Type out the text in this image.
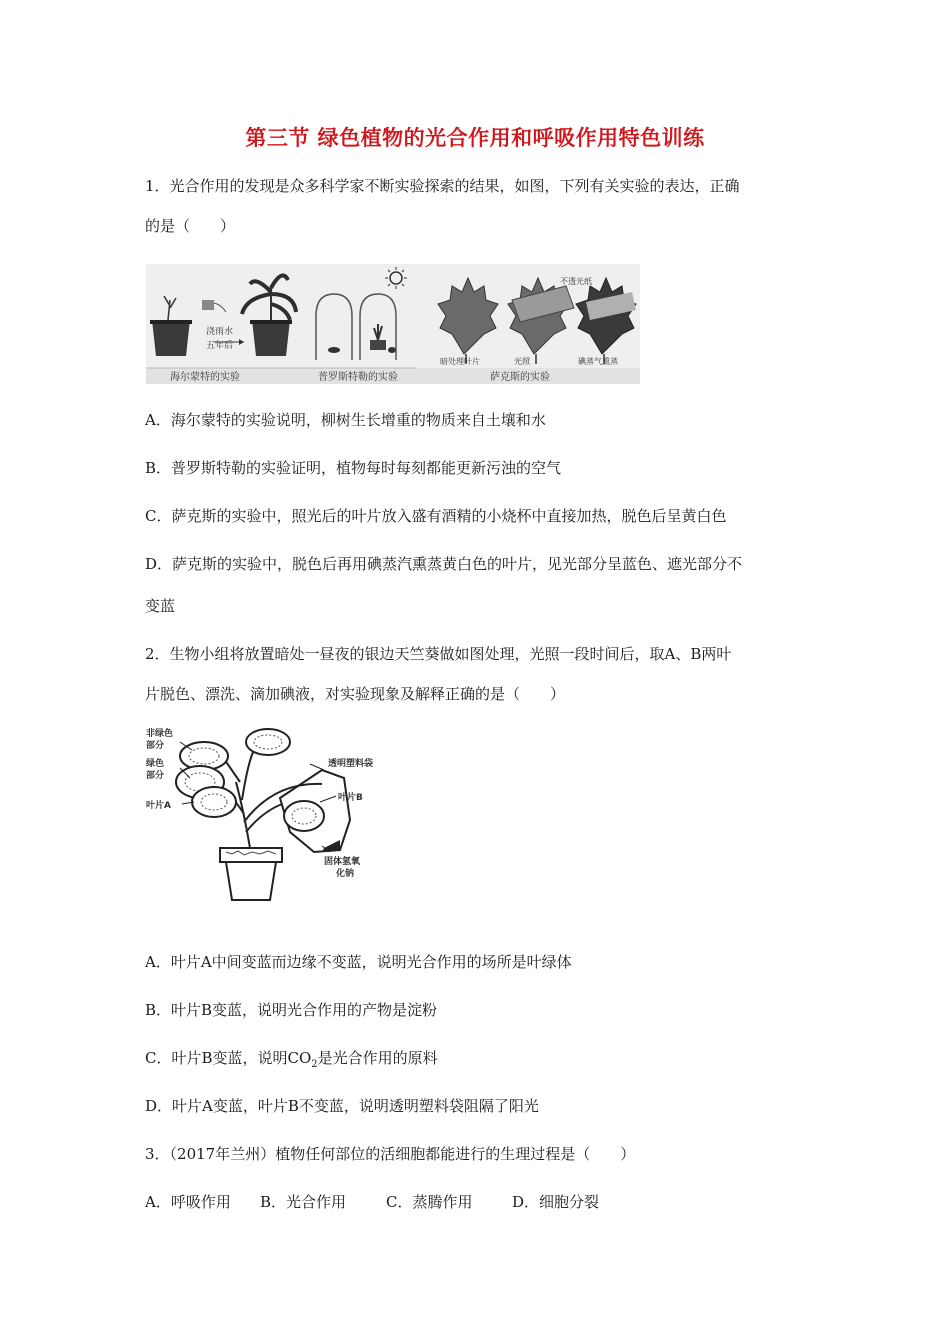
第三节 绿色植物的光合作用和呼吸作用特色训练
1．光合作用的发现是众多科学家不断实验探索的结果，如图，下列有关实验的表达，正确
的是（　　）
浇雨水
五年后
海尔蒙特的实验	普罗斯特勒的实验	萨克斯的实验
暗处理叶片	光照	碘蒸气熏蒸
不透光纸
A．海尔蒙特的实验说明，柳树生长增重的物质来自土壤和水
B．普罗斯特勒的实验证明，植物每时每刻都能更新污浊的空气
C．萨克斯的实验中，照光后的叶片放入盛有酒精的小烧杯中直接加热，脱色后呈黄白色
D．萨克斯的实验中，脱色后再用碘蒸汽熏蒸黄白色的叶片，见光部分呈蓝色、遮光部分不
变蓝
2．生物小组将放置暗处一昼夜的银边天竺葵做如图处理，光照一段时间后，取A、B两叶
片脱色、漂洗、滴加碘液，对实验现象及解释正确的是（　　）
非绿色
部分
绿色
部分
叶片A
透明塑料袋
叶片B
固体氢氧
化钠
A．叶片A中间变蓝而边缘不变蓝，说明光合作用的场所是叶绿体
B．叶片B变蓝，说明光合作用的产物是淀粉
C．叶片B变蓝，说明$CO_2$是光合作用的原料
D．叶片A变蓝，叶片B不变蓝，说明透明塑料袋阻隔了阳光
3．（2017年兰州）植物任何部位的活细胞都能进行的生理过程是（　　）
A．呼吸作用 B．光合作用	C．蒸腾作用	D．细胞分裂
